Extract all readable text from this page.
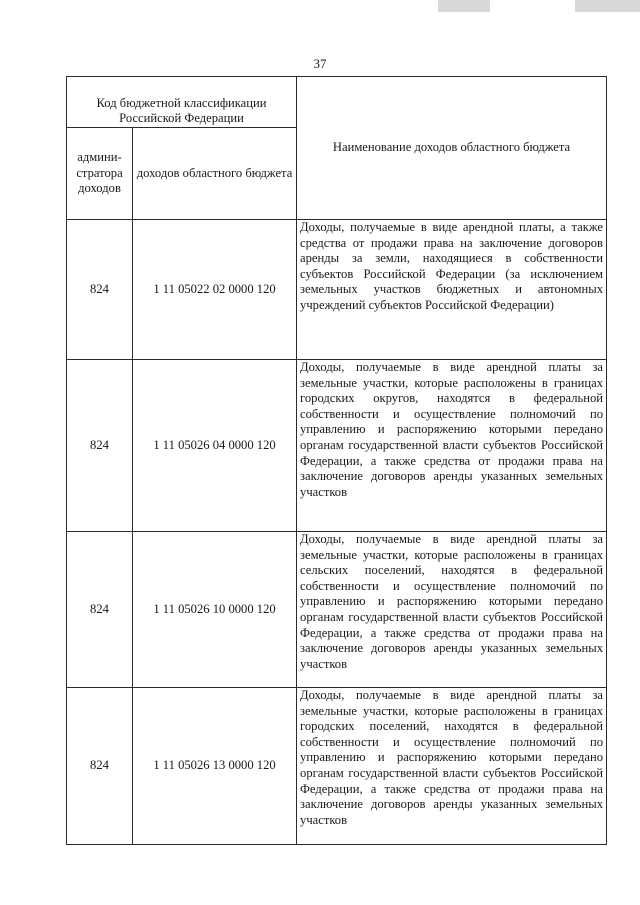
37
Код бюджетной классификации Российской Федерации		Наименование доходов областного бюджета
админи-стратора доходов	доходов областного бюджета	
824	1 11 05022 02 0000 120	Доходы, получаемые в виде арендной платы, а также средства от продажи права на заключение договоров аренды за земли, находящиеся в собственности субъектов Российской Федерации (за исключением земельных участков бюджетных и автономных учреждений субъектов Российской Федерации)
824	1 11 05026 04 0000 120	Доходы, получаемые в виде арендной платы за земельные участки, которые расположены в границах городских округов, находятся в федеральной собственности и осуществление полномочий по управлению и распоряжению которыми передано органам государственной власти субъектов Российской Федерации, а также средства от продажи права на заключение договоров аренды указанных земельных участков
824	1 11 05026 10 0000 120	Доходы, получаемые в виде арендной платы за земельные участки, которые расположены в границах сельских поселений, находятся в федеральной собственности и осуществление полномочий по управлению и распоряжению которыми передано органам государственной власти субъектов Российской Федерации, а также средства от продажи права на заключение договоров аренды указанных земельных участков
824	1 11 05026 13 0000 120	Доходы, получаемые в виде арендной платы за земельные участки, которые расположены в границах городских поселений, находятся в федеральной собственности и осуществление полномочий по управлению и распоряжению которыми передано органам государственной власти субъектов Российской Федерации, а также средства от продажи права на заключение договоров аренды указанных земельных участков
